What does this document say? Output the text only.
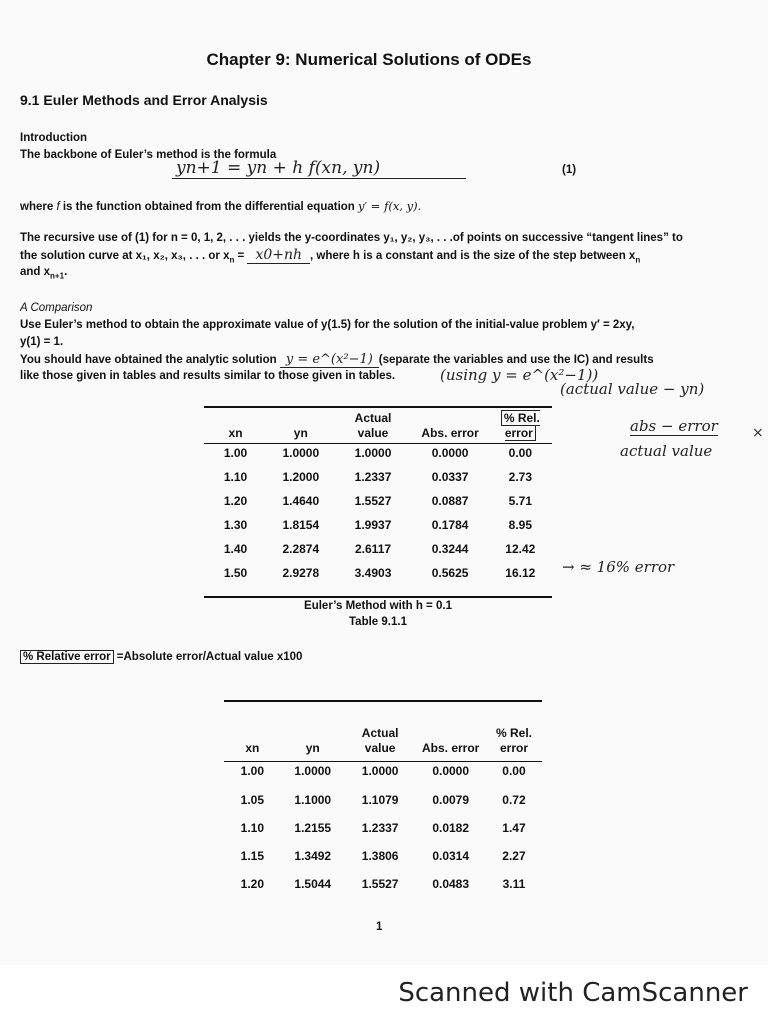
Chapter 9: Numerical Solutions of ODEs
9.1 Euler Methods and Error Analysis
Introduction
The backbone of Euler’s method is the formula
yn+1 = yn + h f(xn, yn)	(1)
where f is the function obtained from the differential equation y′ = f(x, y).
The recursive use of (1) for n = 0, 1, 2, . . . yields the y-coordinates y₁, y₂, y₃, . . .of points on successive “tangent lines” to
the solution curve at x₁, x₂, x₃, . . . or $x_n = x0+nh$ , where h is a constant and is the size of the step between $x_n$
and $x_{n+1}$.
A Comparison
Use Euler’s method to obtain the approximate value of y(1.5) for the solution of the initial-value problem y′ = 2xy,
y(1) = 1.
You should have obtained the analytic solution y = e^(x²−1) (separate the variables and use the IC) and results
like those given in tables and results similar to those given in tables.	(using y = e^(x²−1))
(actual value − yn)
abs − error ×
actual value
→ ≈ 16% error
xn	yn	Actual value	Abs. error	% Rel. error
1.00	1.0000	1.0000	0.0000	0.00
1.10	1.2000	1.2337	0.0337	2.73
1.20	1.4640	1.5527	0.0887	5.71
1.30	1.8154	1.9937	0.1784	8.95
1.40	2.2874	2.6117	0.3244	12.42
1.50	2.9278	3.4903	0.5625	16.12
Euler’s Method with h = 0.1
Table 9.1.1
% Relative error =Absolute error/Actual value x100
xn	yn	Actual value	Abs. error	% Rel. error
1.00	1.0000	1.0000	0.0000	0.00
1.05	1.1000	1.1079	0.0079	0.72
1.10	1.2155	1.2337	0.0182	1.47
1.15	1.3492	1.3806	0.0314	2.27
1.20	1.5044	1.5527	0.0483	3.11
1
Scanned with CamScanner
